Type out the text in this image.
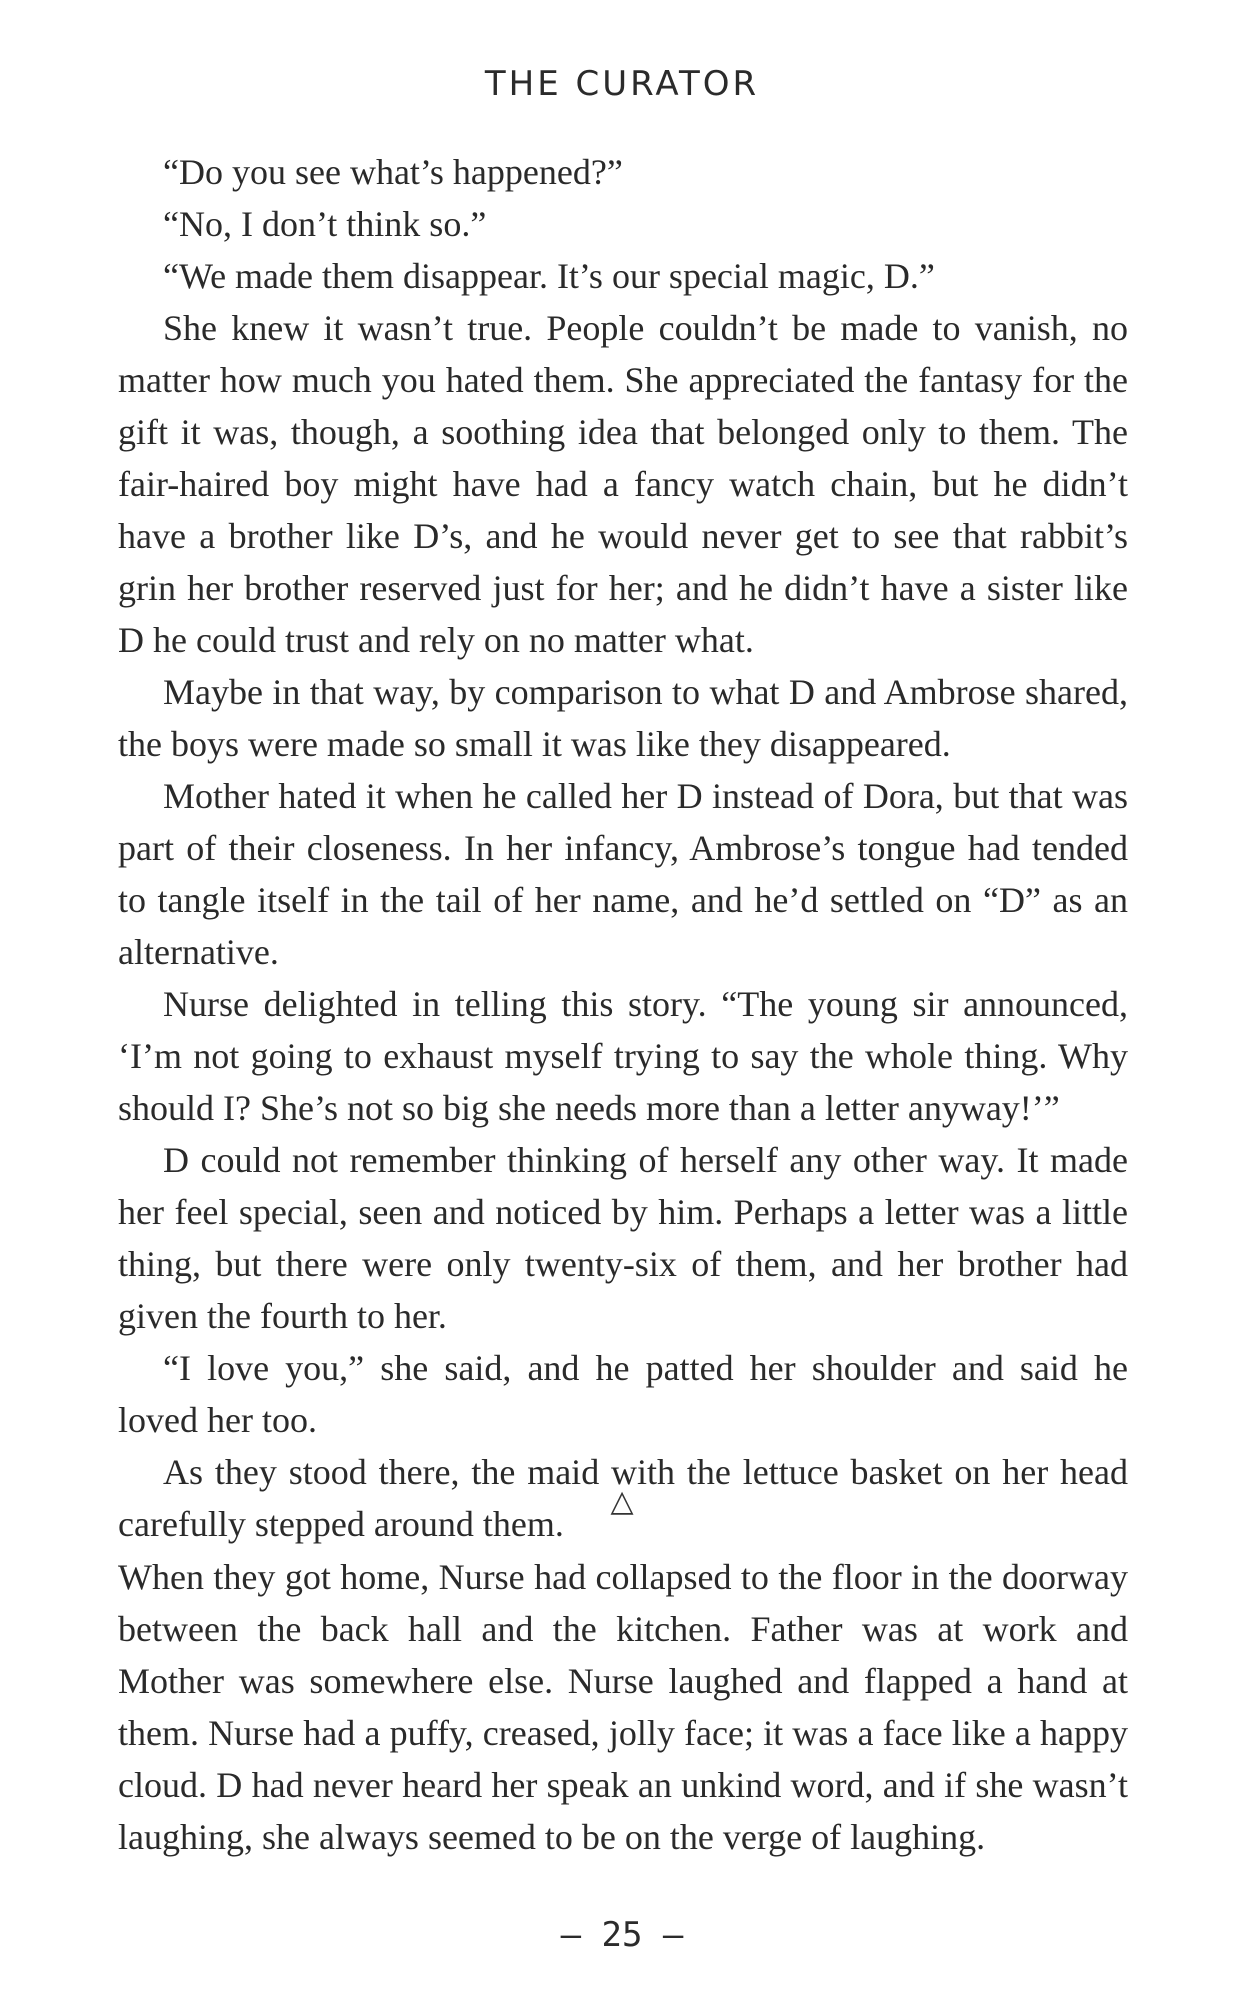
THE CURATOR

“Do you see what’s happened?”

“No, I don’t think so.”

“We made them disappear. It’s our special magic, D.”

She knew it wasn’t true. People couldn’t be made to vanish, no matter how much you hated them. She appreciated the fantasy for the gift it was, though, a soothing idea that belonged only to them. The fair-haired boy might have had a fancy watch chain, but he didn’t have a brother like D’s, and he would never get to see that rabbit’s grin her brother reserved just for her; and he didn’t have a sister like D he could trust and rely on no matter what.

Maybe in that way, by comparison to what D and Ambrose shared, the boys were made so small it was like they disappeared.

Mother hated it when he called her D instead of Dora, but that was part of their closeness. In her infancy, Ambrose’s tongue had tended to tangle itself in the tail of her name, and he’d settled on “D” as an alternative.

Nurse delighted in telling this story. “The young sir announced, ‘I’m not going to exhaust myself trying to say the whole thing. Why should I? She’s not so big she needs more than a letter anyway!’”

D could not remember thinking of herself any other way. It made her feel special, seen and noticed by him. Perhaps a letter was a little thing, but there were only twenty-six of them, and her brother had given the fourth to her.

“I love you,” she said, and he patted her shoulder and said he loved her too.

As they stood there, the maid with the lettuce basket on her head carefully stepped around them.

△

When they got home, Nurse had collapsed to the floor in the doorway between the back hall and the kitchen. Father was at work and Mother was somewhere else. Nurse laughed and flapped a hand at them. Nurse had a puffy, creased, jolly face; it was a face like a happy cloud. D had never heard her speak an unkind word, and if she wasn’t laughing, she always seemed to be on the verge of laughing.

— 25 —
